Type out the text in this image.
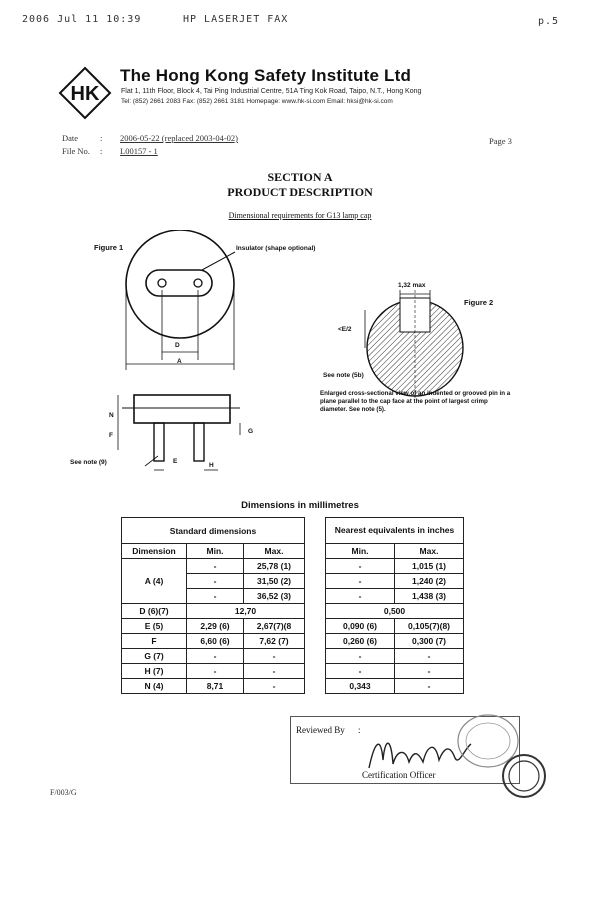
2006 Jul 11 10:39	HP LASERJET FAX	p.5
HK
The Hong Kong Safety Institute Ltd
Flat 1, 11th Floor, Block 4, Tai Ping Industrial Centre, 51A Ting Kok Road, Taipo, N.T., Hong Kong
Tel: (852) 2661 2083 Fax: (852) 2661 3181 Homepage: www.hk-si.com Email: hksi@hk-si.com
Date	: 2006-05-22 (replaced 2003-04-02)
File No. : L00157 - 1
Page 3
SECTION A
PRODUCT DESCRIPTION
Dimensional requirements for G13 lamp cap
Figure 1	Insulator (shape optional)
D
A
N
F
G
E
H
See note (9)
1,32 max
Figure 2
<E/2
See note (5b)
Enlarged cross-sectional view of an indented or grooved pin in a plane parallel to the cap face at the point of largest crimp diameter. See note (5).
Dimensions in millimetres
Standard dimensions				Nearest equivalents in inches	
Dimension	Min.	Max.		Min.	Max.
A (4)	-	25,78 (1)		-	1,015 (1)
	-	31,50 (2)		-	1,240 (2)
	-	36,52 (3)		-	1,438 (3)
D (6)(7)	12,70			0,500	
E (5)	2,29 (6)	2,67(7)(8		0,090 (6)	0,105(7)(8)
F	6,60 (6)	7,62 (7)		0,260 (6)	0,300 (7)
G (7)	-	-		-	-
H (7)	-	-		-	-
N (4)	8,71	-		0,343	-
Reviewed By :
Certification Officer
F/003/G
